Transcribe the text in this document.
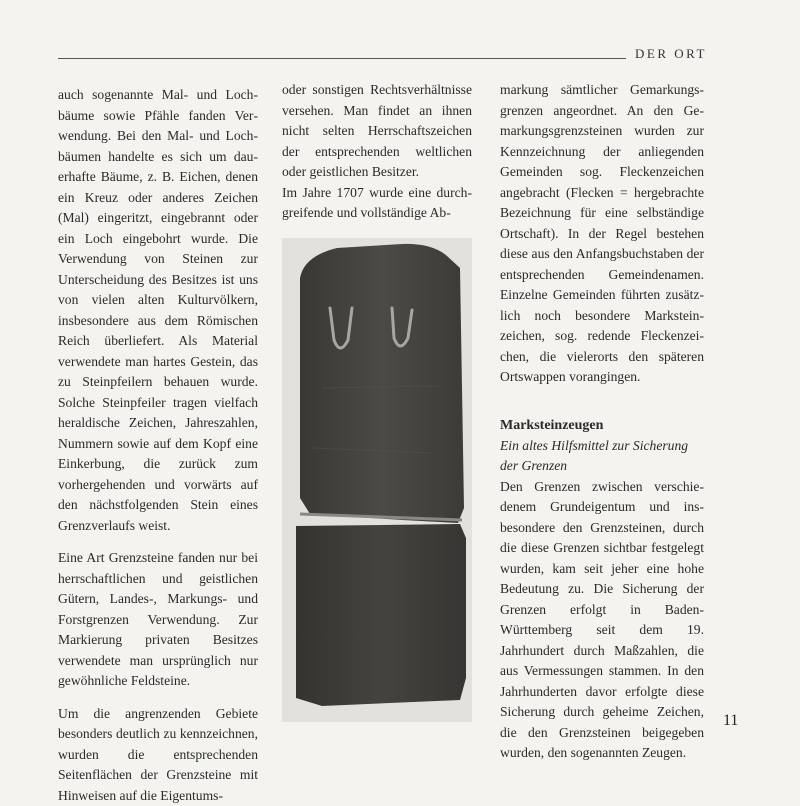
DER ORT

auch sogenannte Mal- und Lochbäume sowie Pfähle fanden Verwendung. Bei den Mal- und Lochbäumen handelte es sich um dauerhafte Bäume, z. B. Eichen, denen ein Kreuz oder anderes Zeichen (Mal) eingeritzt, eingebrannt oder ein Loch eingebohrt wurde. Die Verwendung von Steinen zur Unterscheidung des Besitzes ist uns von vielen alten Kulturvölkern, insbesondere aus dem Römischen Reich überliefert. Als Material verwendete man hartes Gestein, das zu Steinpfeilern behauen wurde. Solche Steinpfeiler tragen vielfach heraldische Zeichen, Jahreszahlen, Nummern sowie auf dem Kopf eine Einkerbung, die zurück zum vorhergehenden und vorwärts auf den nächstfolgenden Stein eines Grenzverlaufs weist.

Eine Art Grenzsteine fanden nur bei herrschaftlichen und geistlichen Gütern, Landes-, Markungs- und Forstgrenzen Verwendung. Zur Markierung privaten Besitzes verwendete man ursprünglich nur gewöhnliche Feldsteine.

Um die angrenzenden Gebiete besonders deutlich zu kennzeichnen, wurden die entsprechenden Seitenflächen der Grenzsteine mit Hinweisen auf die Eigentums-

oder sonstigen Rechtsverhältnisse versehen. Man findet an ihnen nicht selten Herrschaftszeichen der entsprechenden weltlichen oder geistlichen Besitzer.

Im Jahre 1707 wurde eine durchgreifende und vollständige Ab-

markung sämtlicher Gemarkungsgrenzen angeordnet. An den Gemarkungsgrenzsteinen wurden zur Kennzeichnung der anliegenden Gemeinden sog. Fleckenzeichen angebracht (Flecken = hergebrachte Bezeichnung für eine selbständige Ortschaft). In der Regel bestehen diese aus den Anfangsbuchstaben der entsprechenden Gemeindenamen. Einzelne Gemeinden führten zusätzlich noch besondere Marksteinzeichen, sog. redende Fleckenzeichen, die vielerorts den späteren Ortswappen vorangingen.

Marksteinzeugen

Ein altes Hilfsmittel zur Sicherung der Grenzen

Den Grenzen zwischen verschiedenem Grundeigentum und insbesondere den Grenzsteinen, durch die diese Grenzen sichtbar festgelegt wurden, kam seit jeher eine hohe Bedeutung zu. Die Sicherung der Grenzen erfolgt in Baden-Württemberg seit dem 19. Jahrhundert durch Maßzahlen, die aus Vermessungen stammen. In den Jahrhunderten davor erfolgte diese Sicherung durch geheime Zeichen, die den Grenzsteinen beigegeben wurden, den sogenannten Zeugen.

11
